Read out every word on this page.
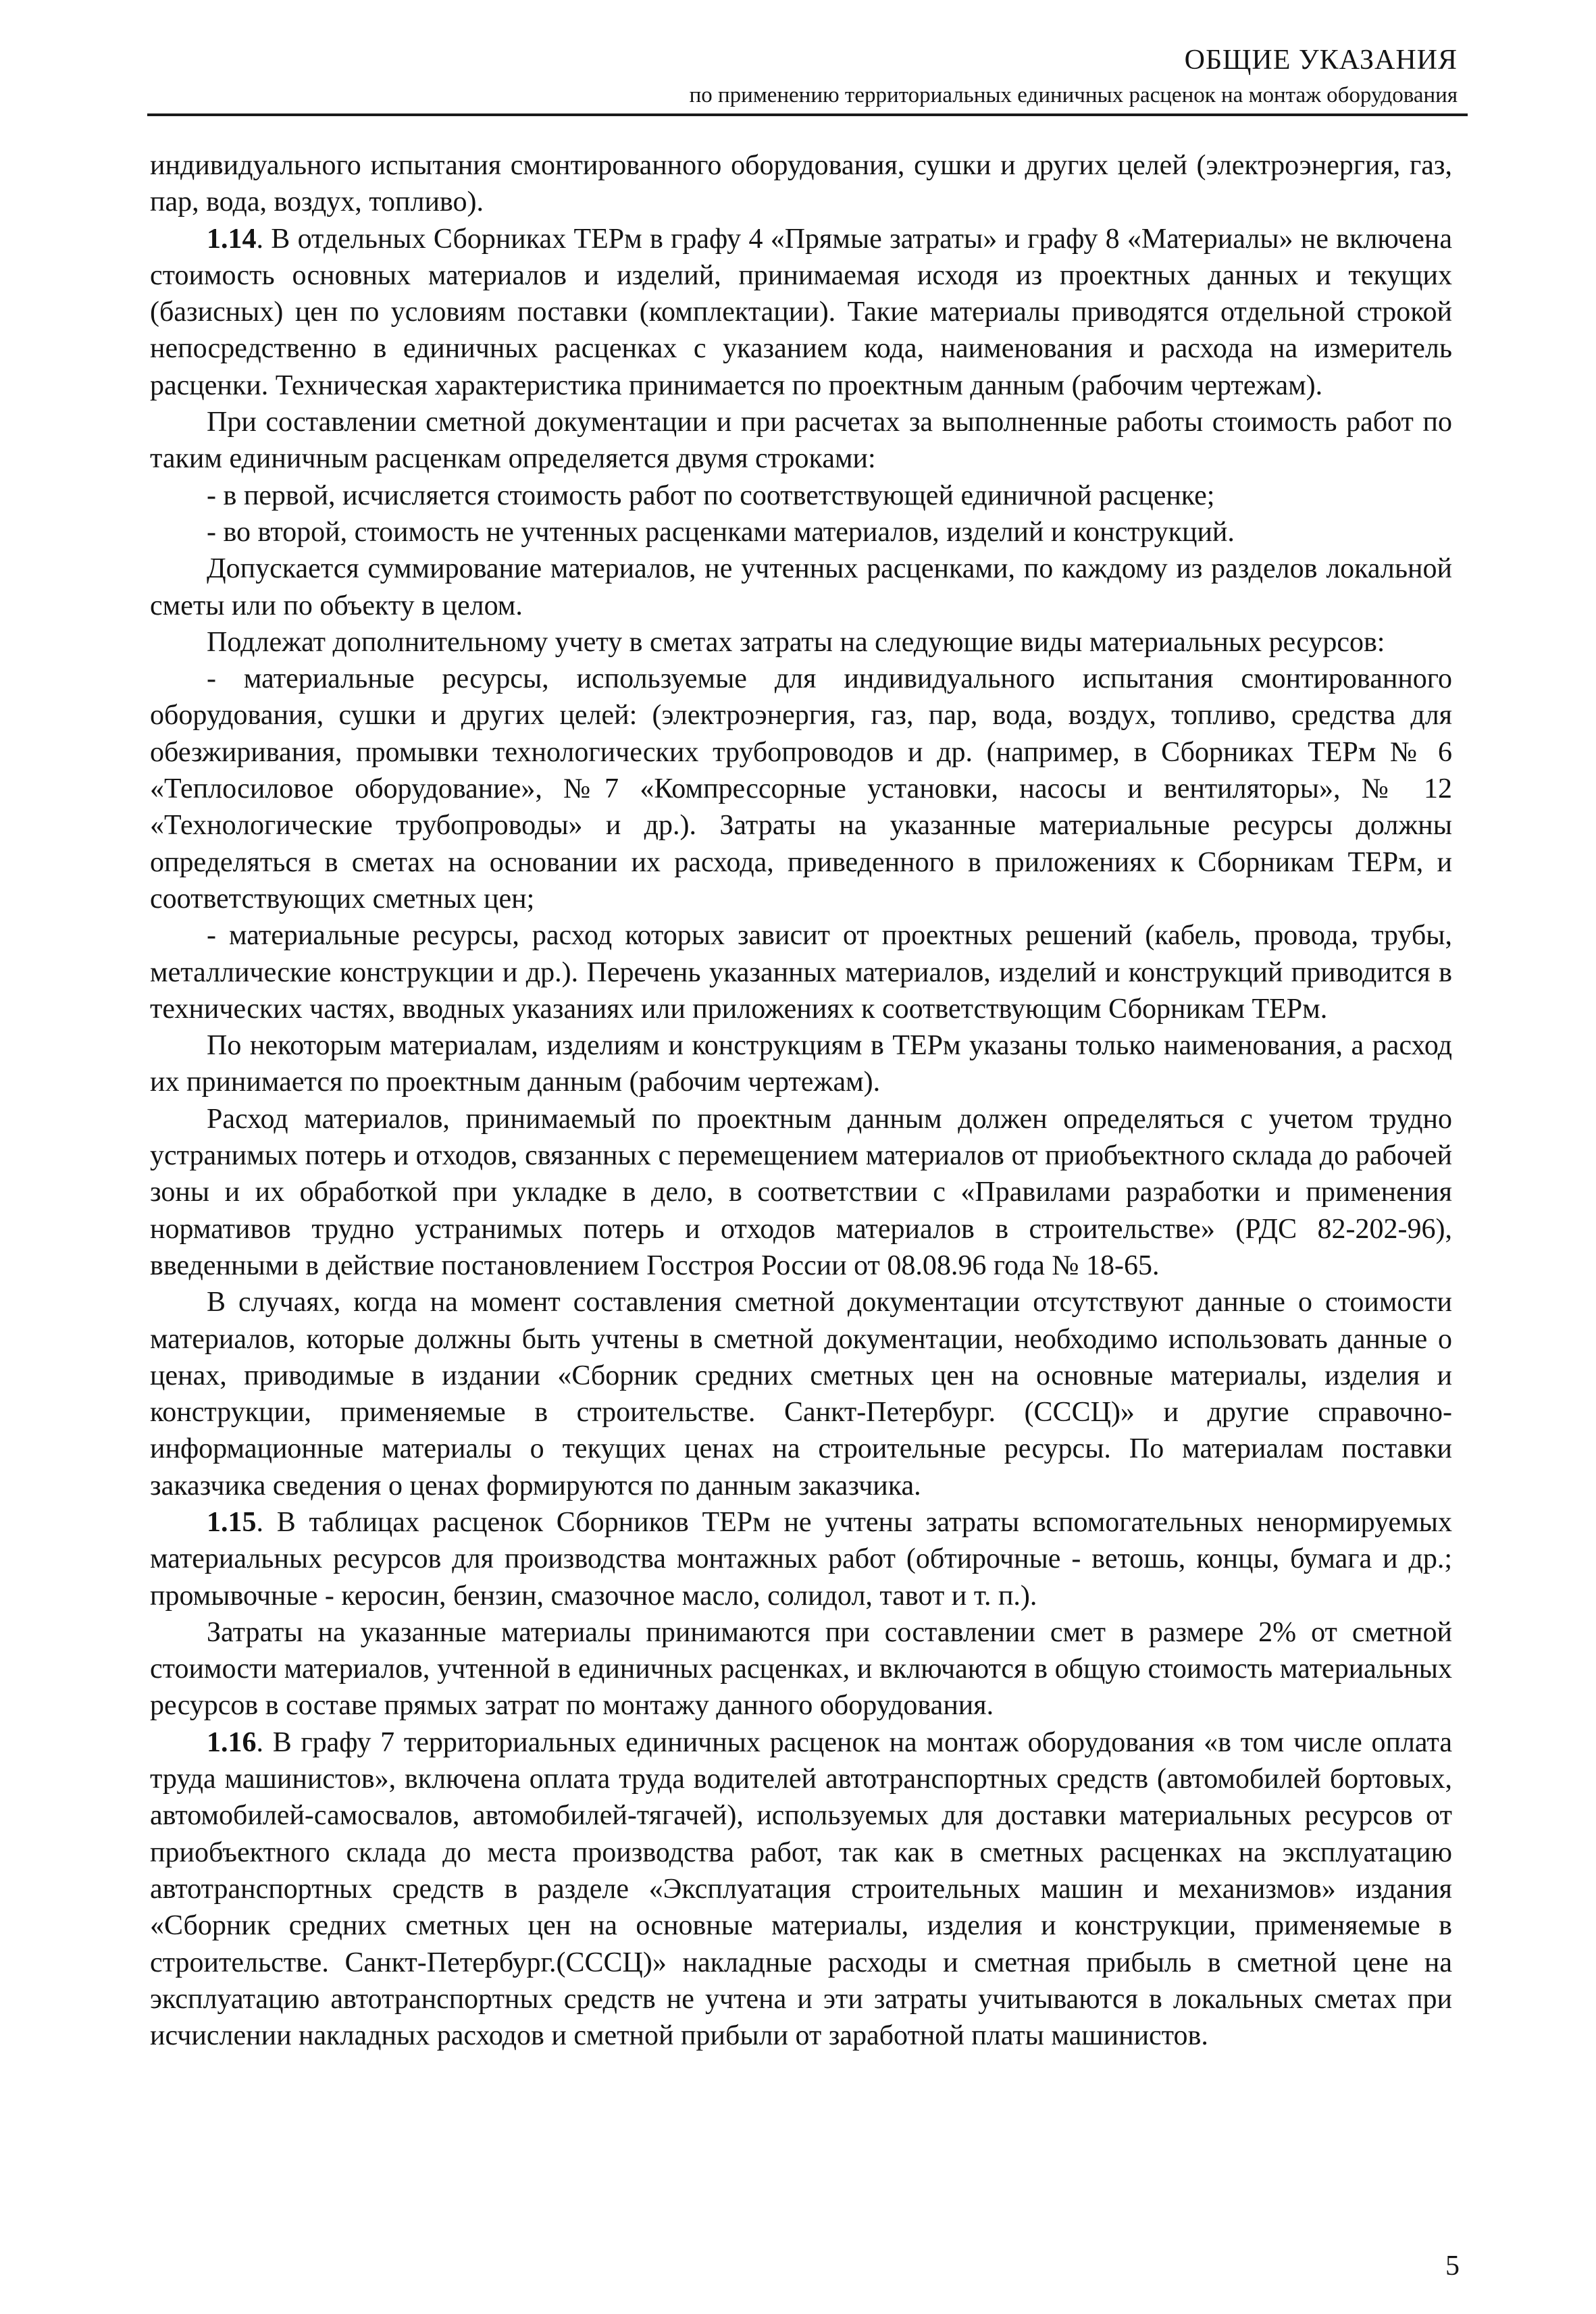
ОБЩИЕ УКАЗАНИЯ
по применению территориальных единичных расценок на монтаж оборудования

индивидуального испытания смонтированного оборудования, сушки и других целей (электроэнергия, газ, пар, вода, воздух, топливо).

1.14. В отдельных Сборниках ТЕРм в графу 4 «Прямые затраты» и графу 8 «Материалы» не включена стоимость основных материалов и изделий, принимаемая исходя из проектных данных и текущих (базисных) цен по условиям поставки (комплектации). Такие материалы приводятся отдельной строкой непосредственно в единичных расценках с указанием кода, наименования и расхода на измеритель расценки. Техническая характеристика принимается по проектным данным (рабочим чертежам).

При составлении сметной документации и при расчетах за выполненные работы стоимость работ по таким единичным расценкам определяется двумя строками:

- в первой, исчисляется стоимость работ по соответствующей единичной расценке;

- во второй, стоимость не учтенных расценками материалов, изделий и конструкций.

Допускается суммирование материалов, не учтенных расценками, по каждому из разделов локальной сметы или по объекту в целом.

Подлежат дополнительному учету в сметах затраты на следующие виды материальных ресурсов:

- материальные ресурсы, используемые для индивидуального испытания смонтированного оборудования, сушки и других целей: (электроэнергия, газ, пар, вода, воздух, топливо, средства для обезжиривания, промывки технологических трубопроводов и др. (например, в Сборниках ТЕРм № 6 «Теплосиловое оборудование», №7 «Компрессорные установки, насосы и вентиляторы», № 12 «Технологические трубопроводы» и др.). Затраты на указанные материальные ресурсы должны определяться в сметах на основании их расхода, приведенного в приложениях к Сборникам ТЕРм, и соответствующих сметных цен;

- материальные ресурсы, расход которых зависит от проектных решений (кабель, провода, трубы, металлические конструкции и др.). Перечень указанных материалов, изделий и конструкций приводится в технических частях, вводных указаниях или приложениях к соответствующим Сборникам ТЕРм.

По некоторым материалам, изделиям и конструкциям в ТЕРм указаны только наименования, а расход их принимается по проектным данным (рабочим чертежам).

Расход материалов, принимаемый по проектным данным должен определяться с учетом трудно устранимых потерь и отходов, связанных с перемещением материалов от приобъектного склада до рабочей зоны и их обработкой при укладке в дело, в соответствии с «Правилами разработки и применения нормативов трудно устранимых потерь и отходов материалов в строительстве» (РДС 82-202-96), введенными в действие постановлением Госстроя России от 08.08.96 года № 18-65.

В случаях, когда на момент составления сметной документации отсутствуют данные о стоимости материалов, которые должны быть учтены в сметной документации, необходимо использовать данные о ценах, приводимые в издании «Сборник средних сметных цен на основные материалы, изделия и конструкции, применяемые в строительстве. Санкт-Петербург. (СССЦ)» и другие справочно-информационные материалы о текущих ценах на строительные ресурсы. По материалам поставки заказчика сведения о ценах формируются по данным заказчика.

1.15. В таблицах расценок Сборников ТЕРм не учтены затраты вспомогательных ненормируемых материальных ресурсов для производства монтажных работ (обтирочные - ветошь, концы, бумага и др.; промывочные - керосин, бензин, смазочное масло, солидол, тавот и т. п.).

Затраты на указанные материалы принимаются при составлении смет в размере 2% от сметной стоимости материалов, учтенной в единичных расценках, и включаются в общую стоимость материальных ресурсов в составе прямых затрат по монтажу данного оборудования.

1.16. В графу 7 территориальных единичных расценок на монтаж оборудования «в том числе оплата труда машинистов», включена оплата труда водителей автотранспортных средств (автомобилей бортовых, автомобилей-самосвалов, автомобилей-тягачей), используемых для доставки материальных ресурсов от приобъектного склада до места производства работ, так как в сметных расценках на эксплуатацию автотранспортных средств в разделе «Эксплуатация строительных машин и механизмов» издания «Сборник средних сметных цен на основные материалы, изделия и конструкции, применяемые в строительстве. Санкт-Петербург.(СССЦ)» накладные расходы и сметная прибыль в сметной цене на эксплуатацию автотранспортных средств не учтена и эти затраты учитываются в локальных сметах при исчислении накладных расходов и сметной прибыли от заработной платы машинистов.

5
